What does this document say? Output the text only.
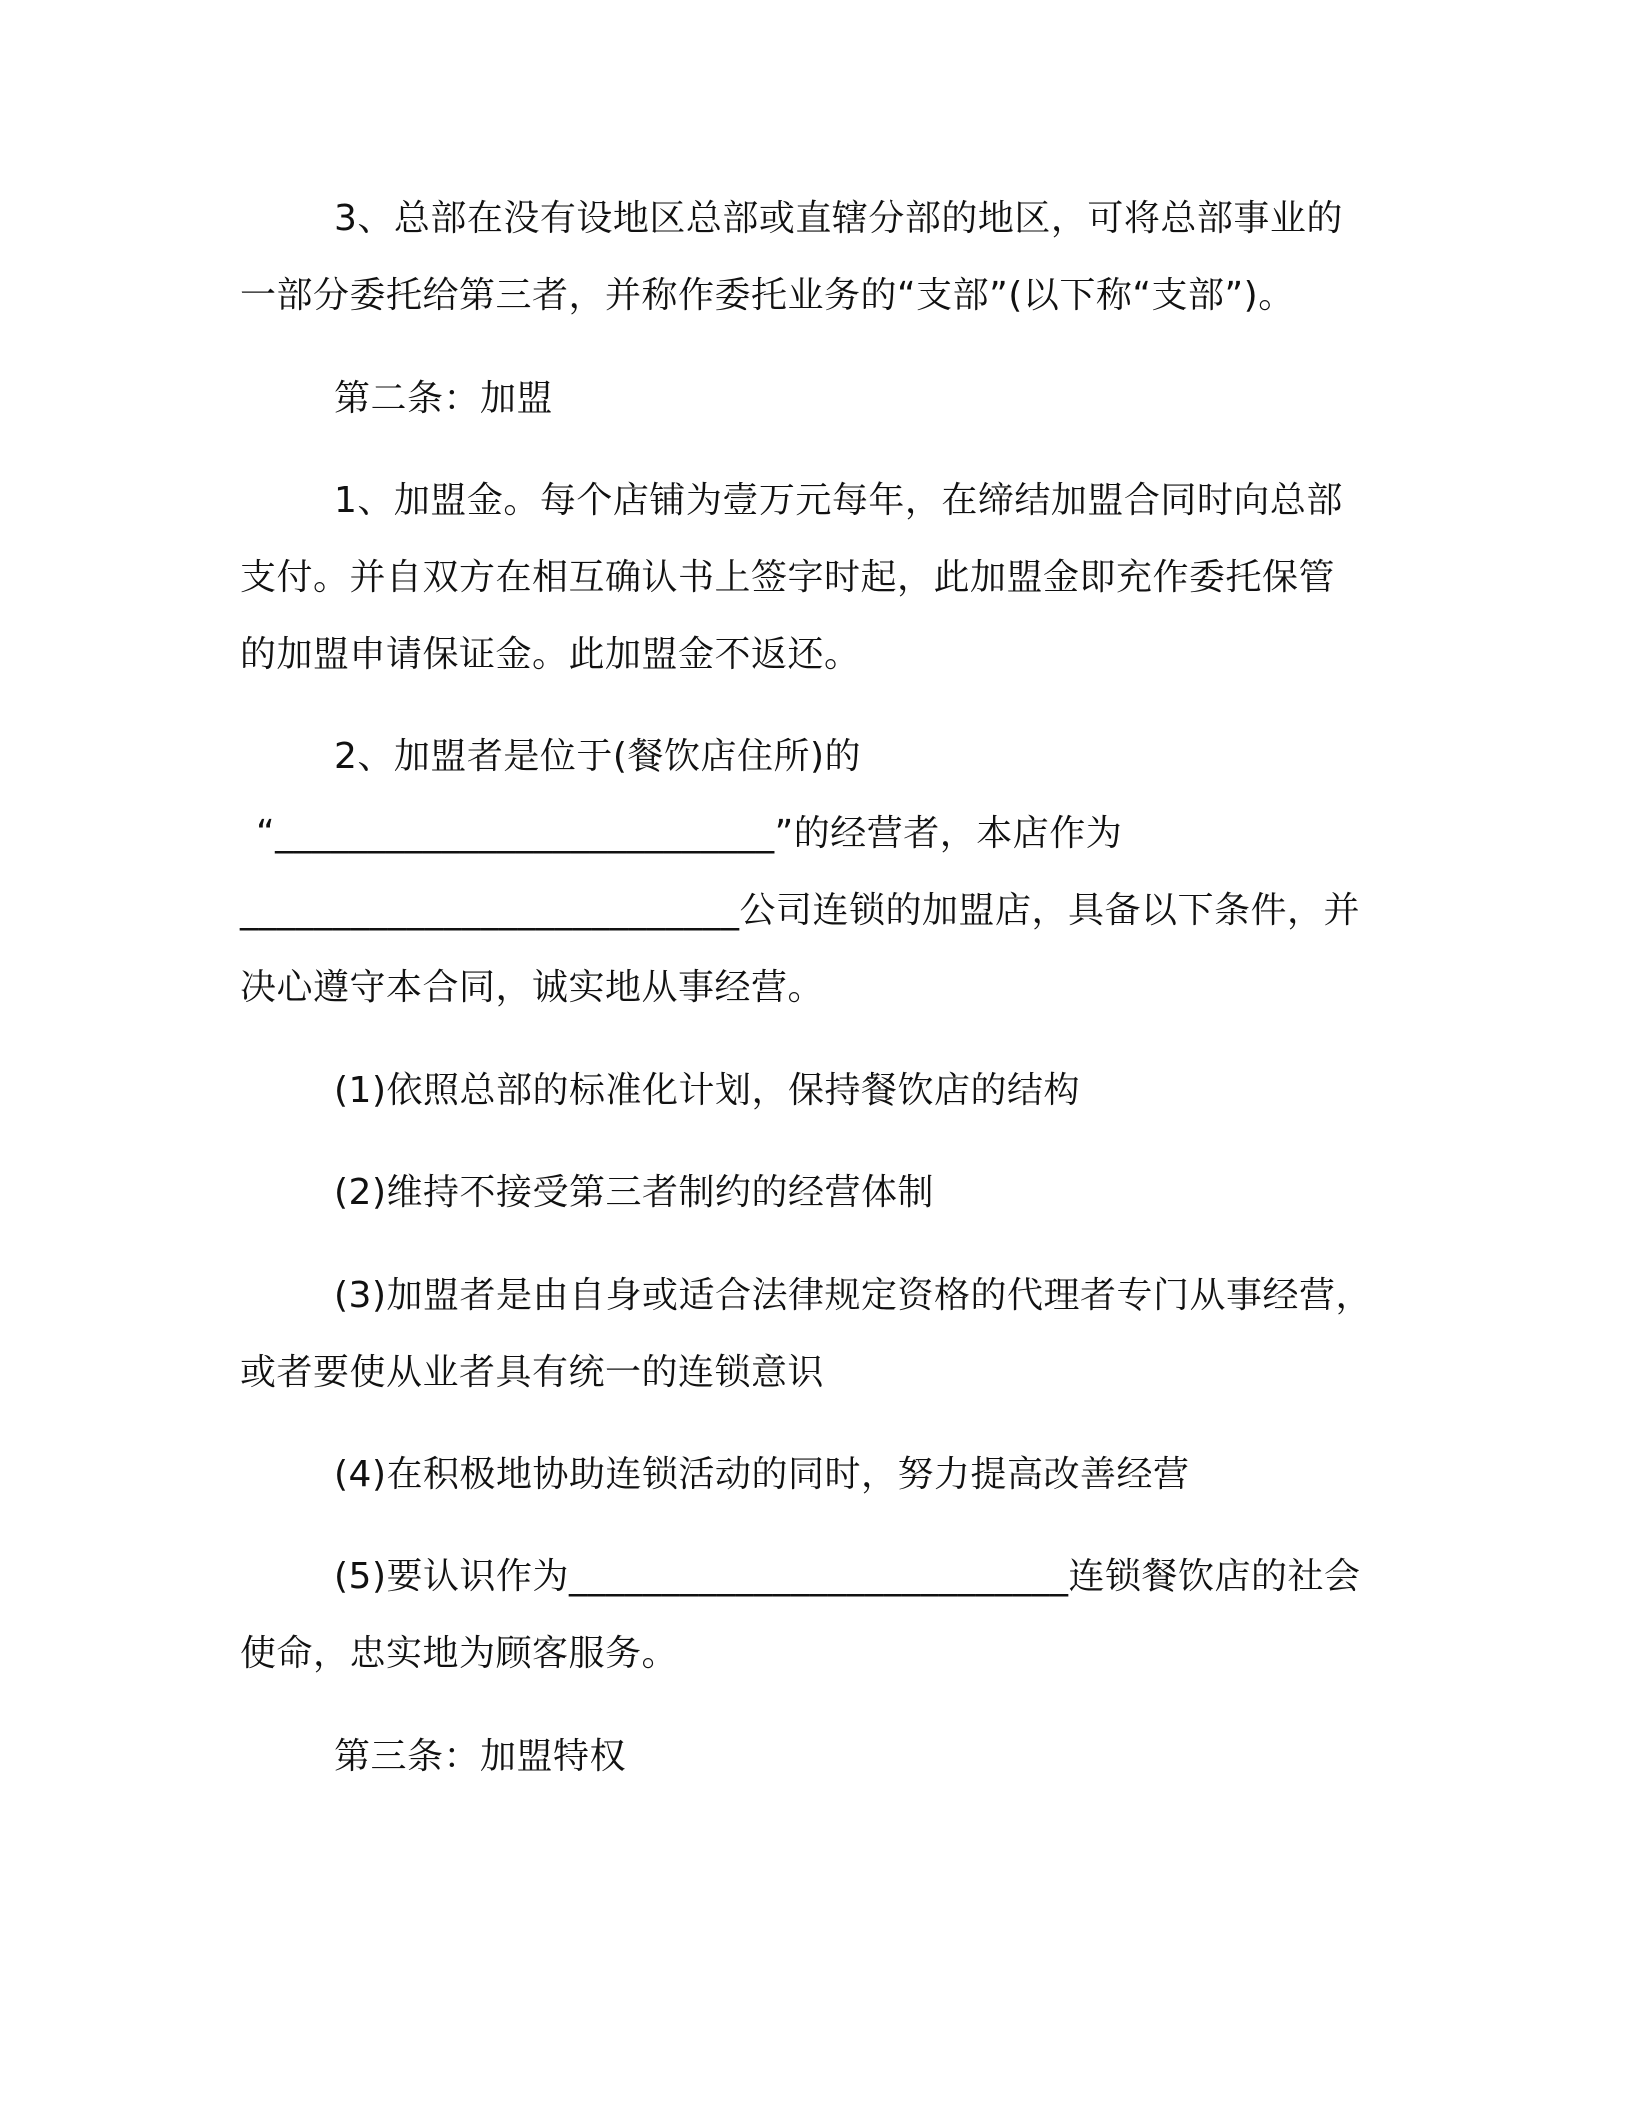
3、总部在没有设地区总部或直辖分部的地区，可将总部事业的
一部分委托给第三者，并称作委托业务的“支部”(以下称“支部”)。
第二条：加盟
1、加盟金。每个店铺为壹万元每年，在缔结加盟合同时向总部
支付。并自双方在相互确认书上签字时起，此加盟金即充作委托保管
的加盟申请保证金。此加盟金不返还。
2、加盟者是位于(餐饮店住所)的
“___________________________”的经营者，本店作为
___________________________公司连锁的加盟店，具备以下条件，并
决心遵守本合同，诚实地从事经营。
(1)依照总部的标准化计划，保持餐饮店的结构
(2)维持不接受第三者制约的经营体制
(3)加盟者是由自身或适合法律规定资格的代理者专门从事经营，
或者要使从业者具有统一的连锁意识
(4)在积极地协助连锁活动的同时，努力提高改善经营
(5)要认识作为___________________________连锁餐饮店的社会
使命，忠实地为顾客服务。
第三条：加盟特权
